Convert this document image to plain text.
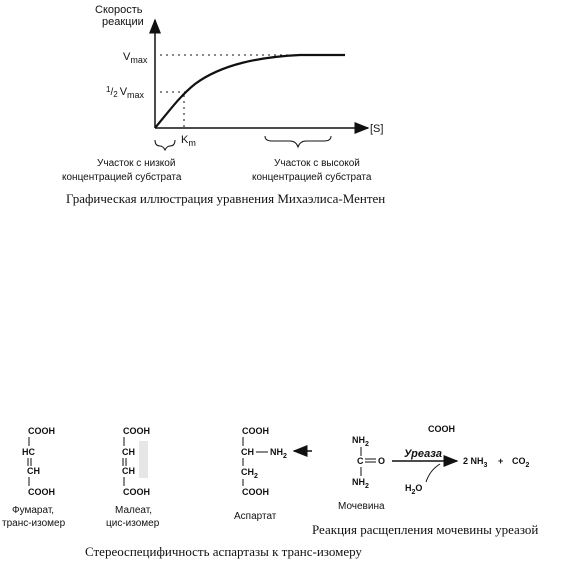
Скорость
реакции
[S]
$V_{max}$
$^1$/2 $V_{max}$
$K_m$
Участок с низкой
концентрацией субстрата
Участок с высокой
концентрацией субстрата
Графическая иллюстрация уравнения Михаэлиса-Ментен
COOH
HC
CH
COOH
Фумарат,
транс-изомер
COOH
CH
CH
COOH
Малеат,
цис-изомер
COOH
CH $NH_2$
$CH_2$
COOH
Аспартат
COOH
$NH_2$
C O
$NH_2$
Мочевина
Уреаза
$H_2O$
2 $NH_3 + CO_2$
Реакция расщепления мочевины уреазой
Стереоспецифичность аспартазы к транс-изомеру
